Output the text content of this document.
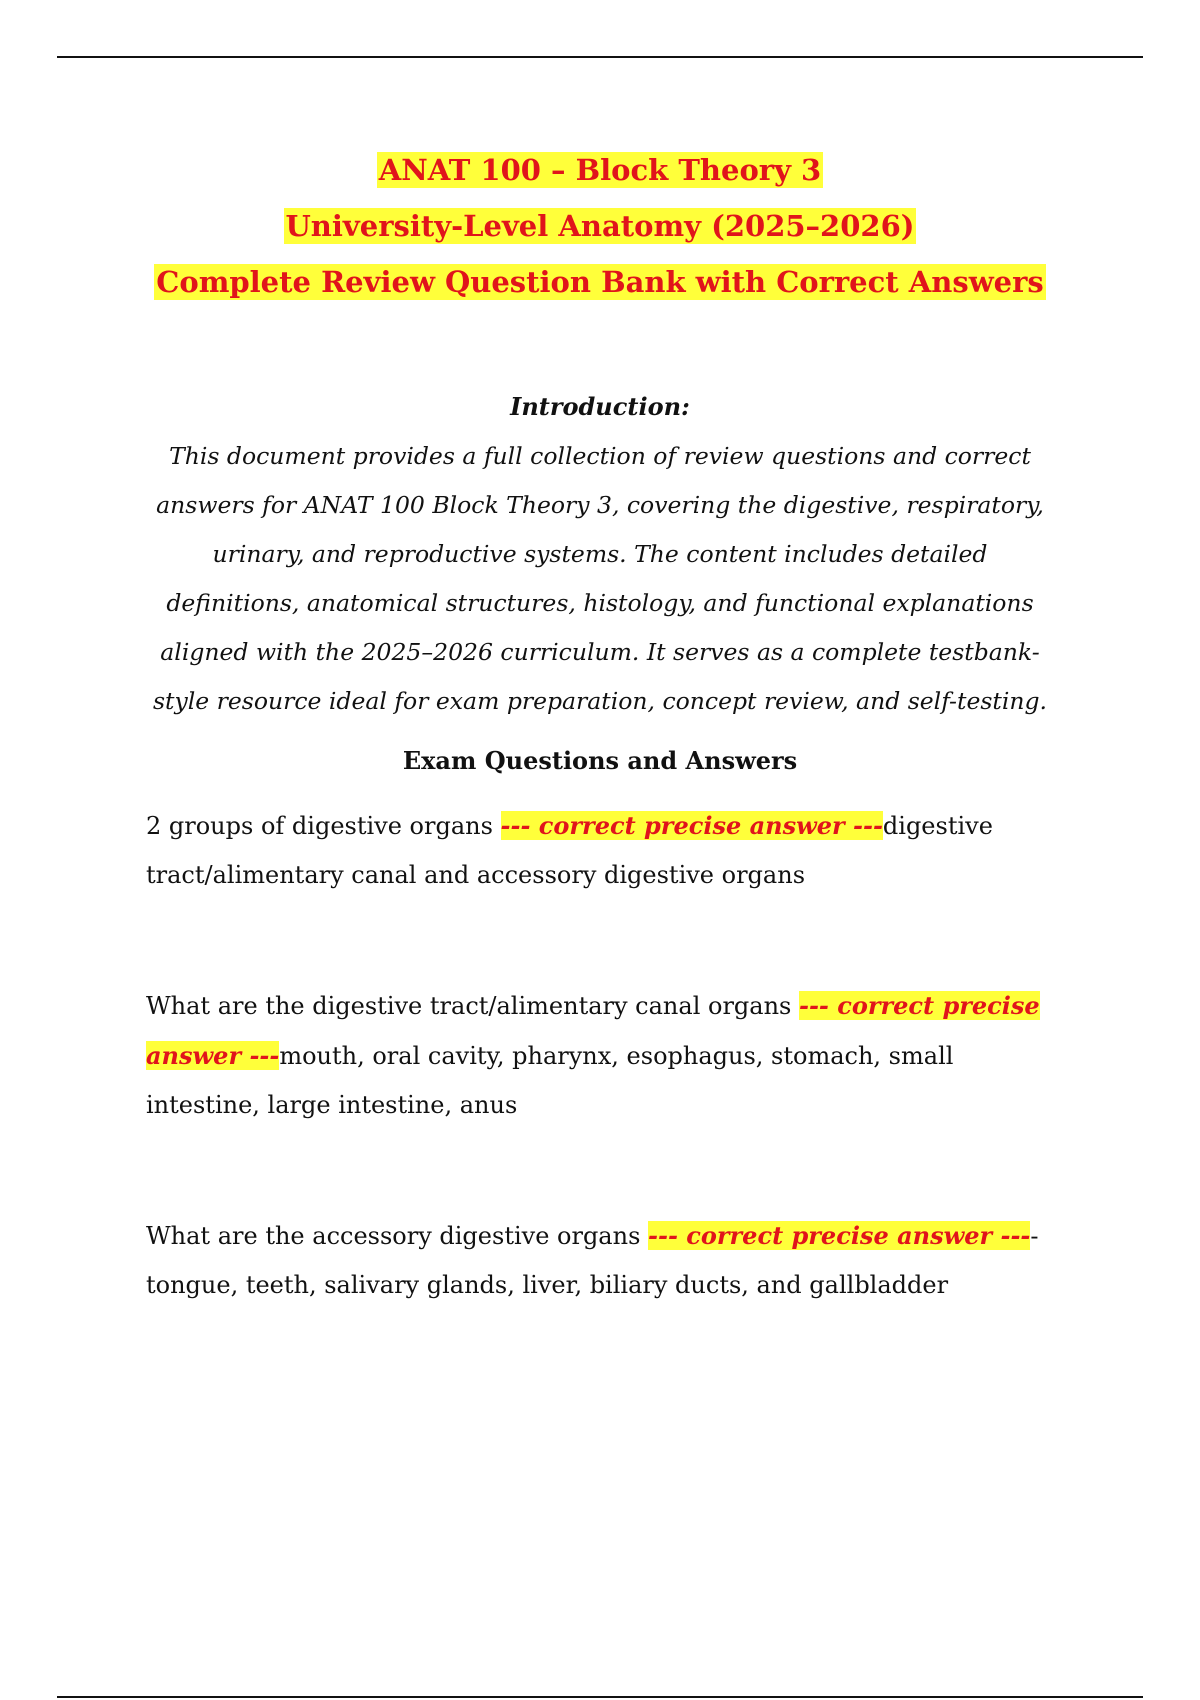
ANAT 100 – Block Theory 3

University-Level Anatomy (2025–2026)

Complete Review Question Bank with Correct Answers

Introduction:
This document provides a full collection of review questions and correct answers for ANAT 100 Block Theory 3, covering the digestive, respiratory, urinary, and reproductive systems. The content includes detailed definitions, anatomical structures, histology, and functional explanations aligned with the 2025–2026 curriculum. It serves as a complete testbank-style resource ideal for exam preparation, concept review, and self-testing.
Exam Questions and Answers

2 groups of digestive organs --- correct precise answer ---digestive tract/alimentary canal and accessory digestive organs

What are the digestive tract/alimentary canal organs --- correct precise answer ---mouth, oral cavity, pharynx, esophagus, stomach, small intestine, large intestine, anus

What are the accessory digestive organs --- correct precise answer ---- tongue, teeth, salivary glands, liver, biliary ducts, and gallbladder
